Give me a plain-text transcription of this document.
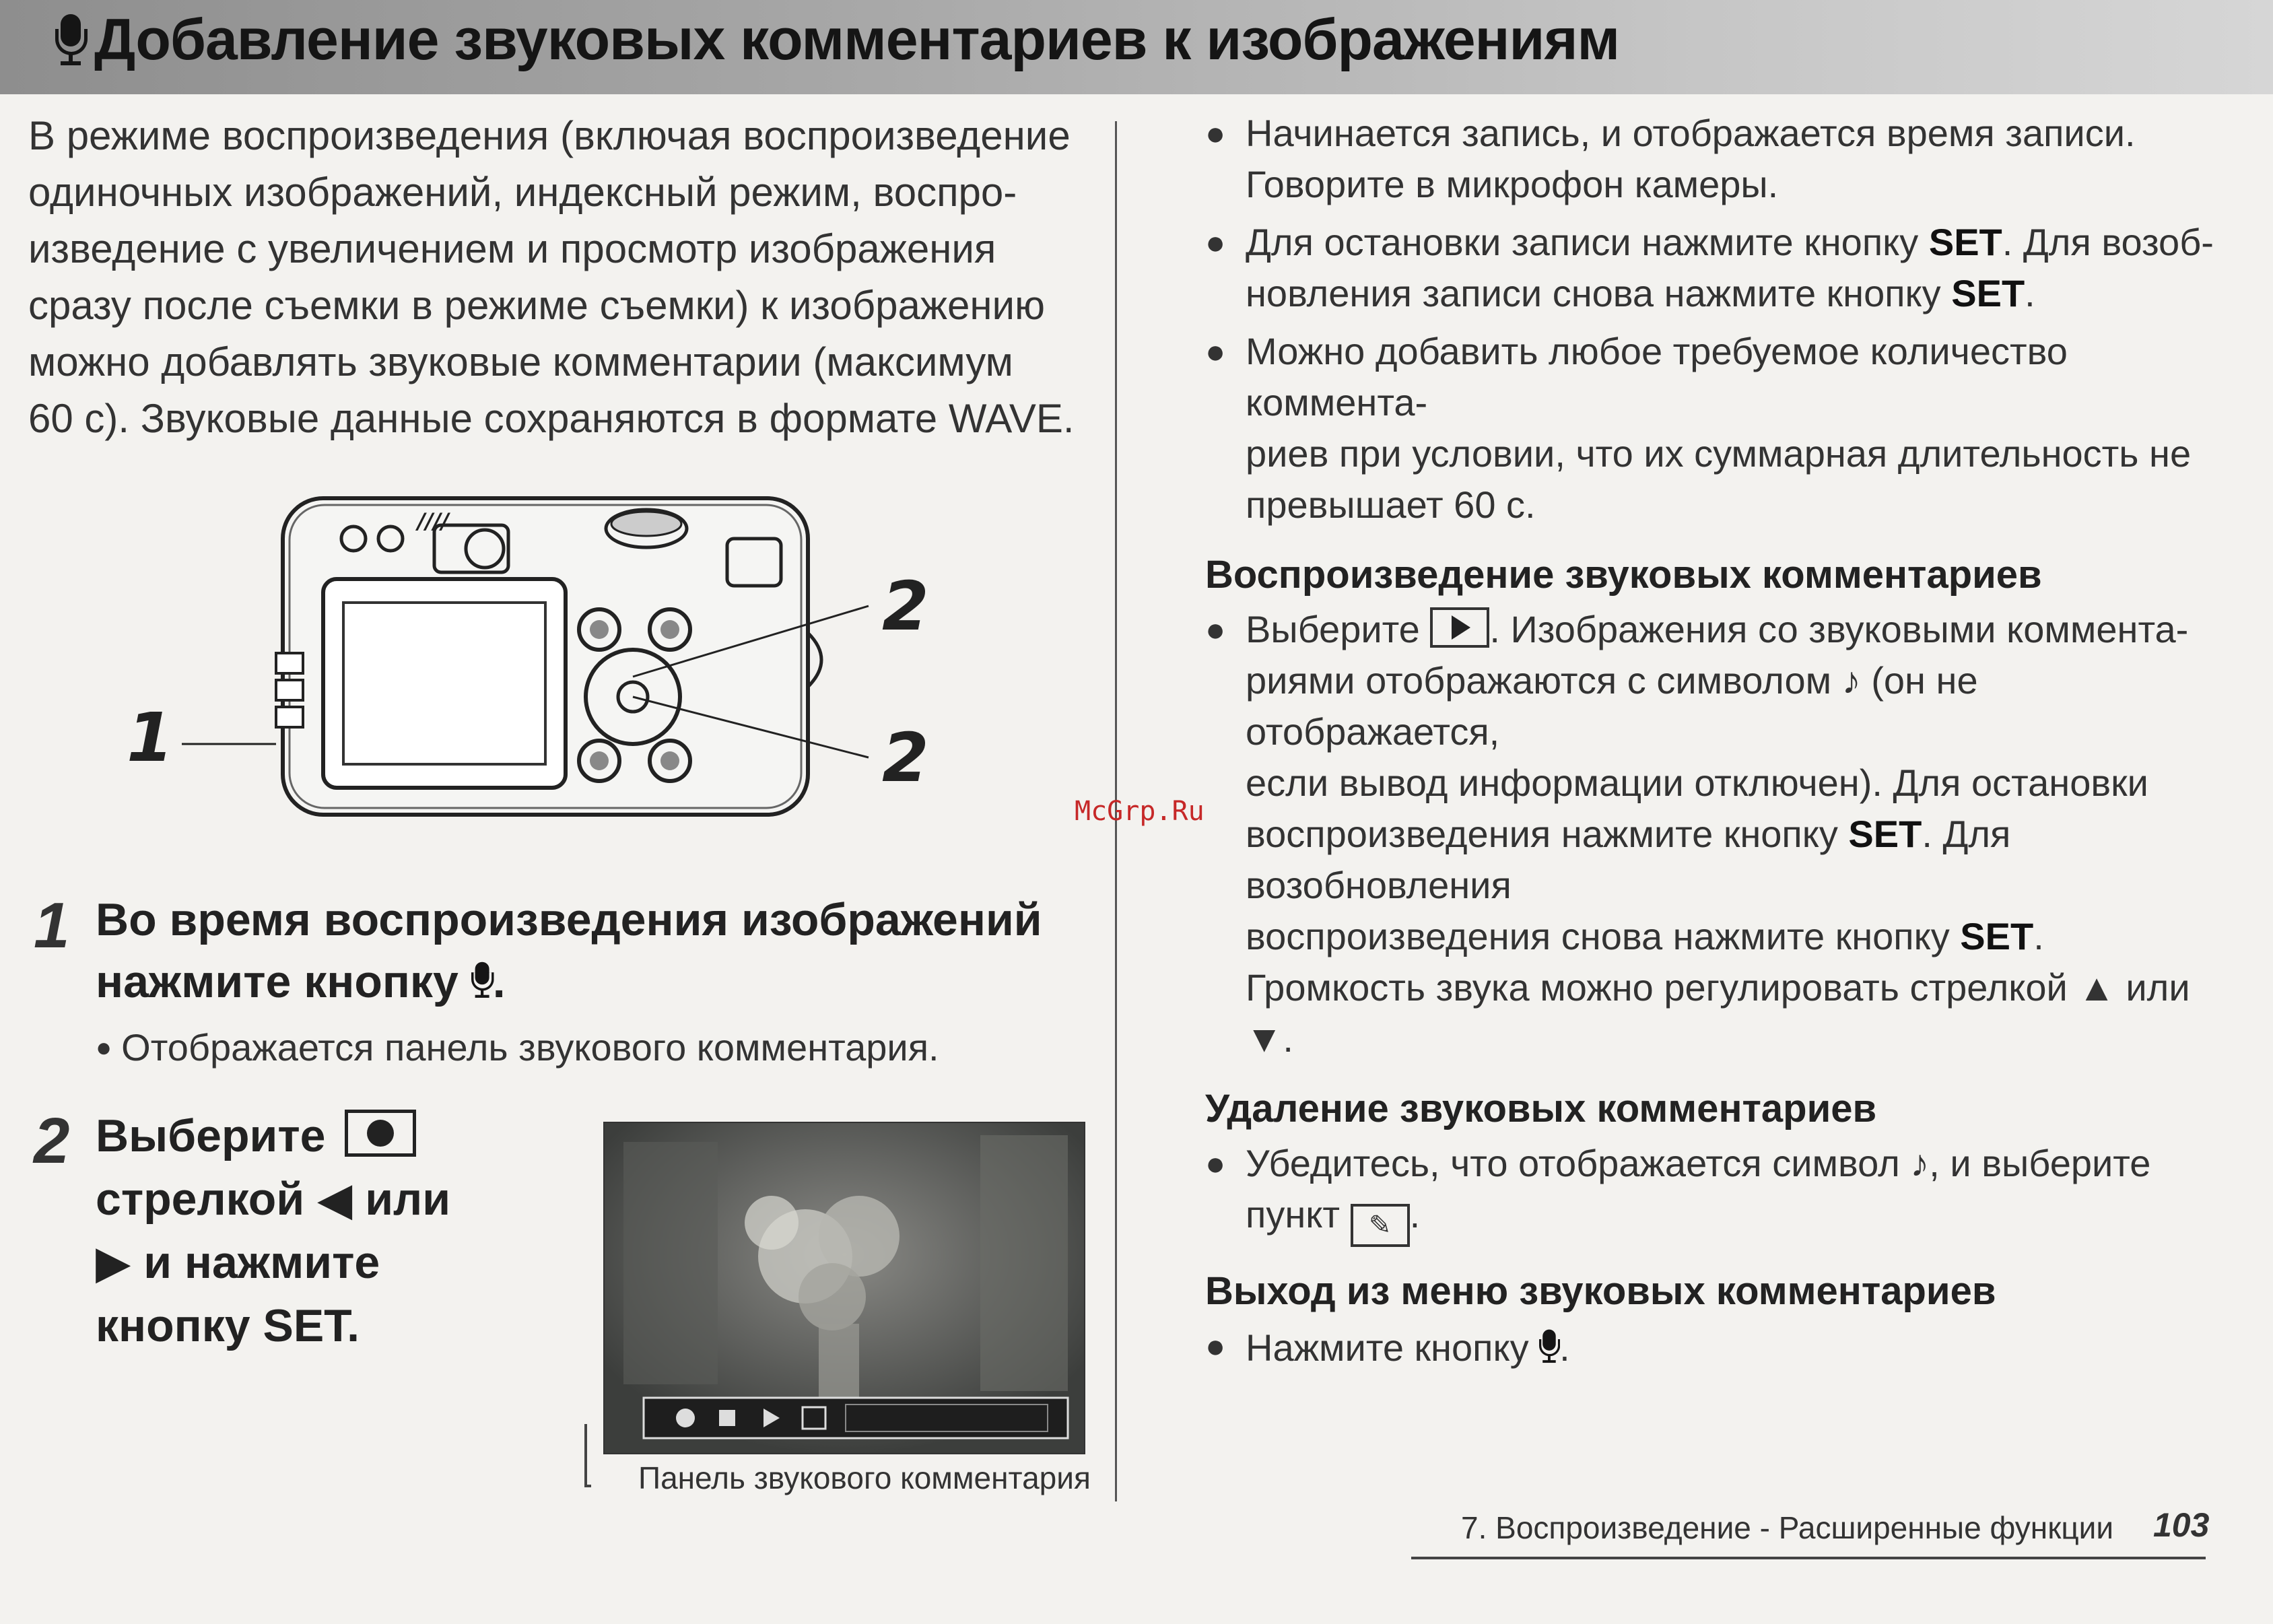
Добавление звуковых комментариев к изображениям

В режиме воспроизведения (включая воспроизведение
одиночных изображений, индексный режим, воспро-
изведение с увеличением и просмотр изображения
сразу после съемки в режиме съемки) к изображению
можно добавлять звуковые комментарии (максимум
60 с). Звуковые данные сохраняются в формате WAVE.

////
1
2
2
1 Во время воспроизведения изображений
нажмите кнопку .
● Отображается панель звукового комментария.
2 Выберите
стрелкой ◀ или
▶ и нажмите
кнопку SET.
Панель звукового комментария
● Начинается запись, и отображается время записи.
Говорите в микрофон камеры.
● Для остановки записи нажмите кнопку SET. Для возоб-
новления записи снова нажмите кнопку SET.
● Можно добавить любое требуемое количество коммента-
риев при условии, что их суммарная длительность не
превышает 60 с.
Воспроизведение звуковых комментариев
● Выберите . Изображения со звуковыми коммента-
риями отображаются с символом ♪ (он не отображается,
если вывод информации отключен). Для остановки
воспроизведения нажмите кнопку SET. Для возобновления
воспроизведения снова нажмите кнопку SET.
Громкость звука можно регулировать стрелкой ▲ или ▼.
Удаление звуковых комментариев
● Убедитесь, что отображается символ ♪, и выберите
пункт ✎ .
Выход из меню звуковых комментариев
● Нажмите кнопку .
McGrp.Ru
7. Воспроизведение - Расширенные функции 103
